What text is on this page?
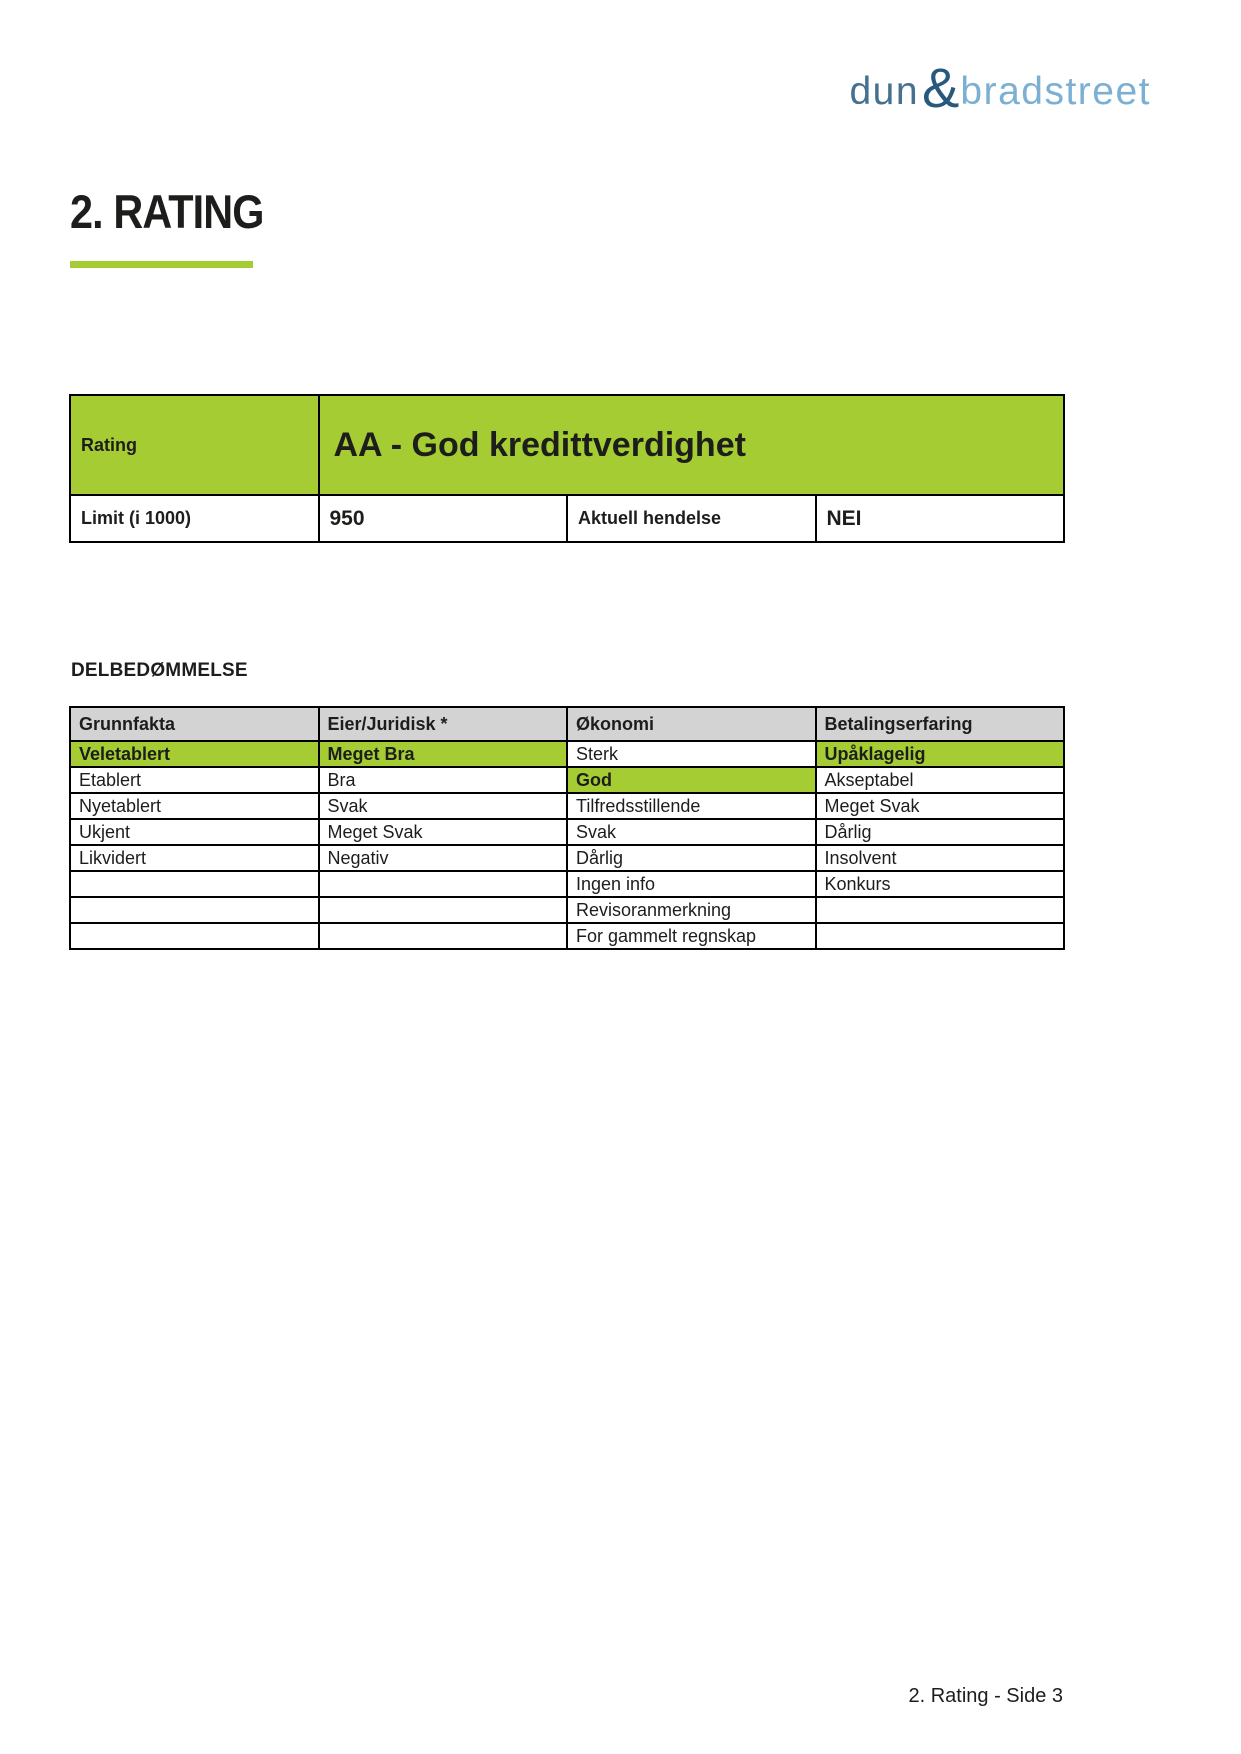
dun & bradstreet
2. RATING
Rating	AA - God kredittverdighet		
Limit (i 1000)	950	Aktuell hendelse	NEI
DELBEDØMMELSE
Grunnfakta	Eier/Juridisk *	Økonomi	Betalingserfaring
Veletablert	Meget Bra	Sterk	Upåklagelig
Etablert	Bra	God	Akseptabel
Nyetablert	Svak	Tilfredsstillende	Meget Svak
Ukjent	Meget Svak	Svak	Dårlig
Likvidert	Negativ	Dårlig	Insolvent
		Ingen info	Konkurs
		Revisoranmerkning	
		For gammelt regnskap	
2. Rating - Side 3
